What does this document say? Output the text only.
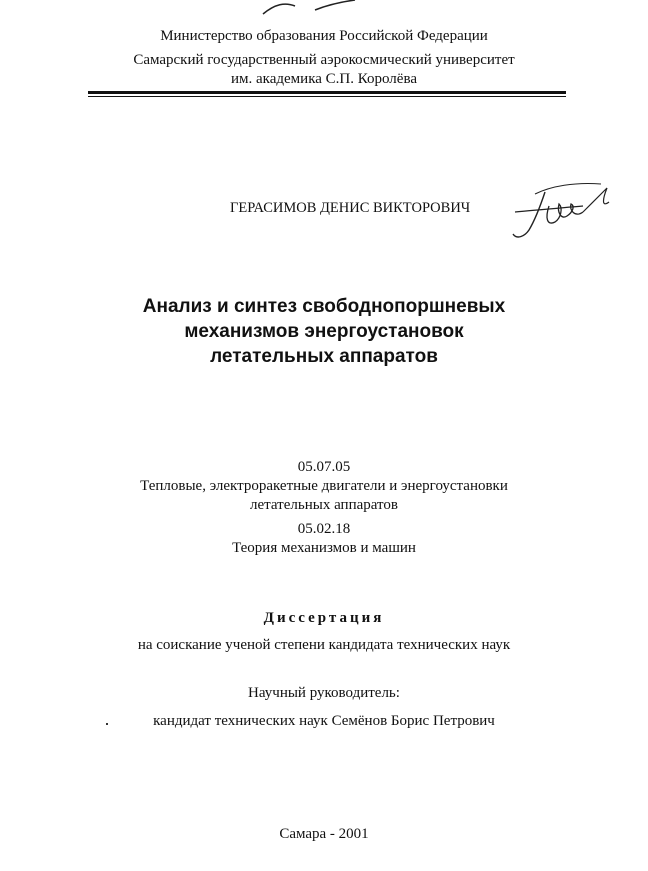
Министерство образования Российской Федерации
Самарский государственный аэрокосмический университет
им. академика С.П. Королёва
ГЕРАСИМОВ ДЕНИС ВИКТОРОВИЧ
Анализ и синтез свободнопоршневых
механизмов энергоустановок
летательных аппаратов
05.07.05
Тепловые, электроракетные двигатели и энергоустановки
летательных аппаратов
05.02.18
Теория механизмов и машин
Диссертация
на соискание ученой степени кандидата технических наук
Научный руководитель:
кандидат технических наук Семёнов Борис Петрович
Самара - 2001
